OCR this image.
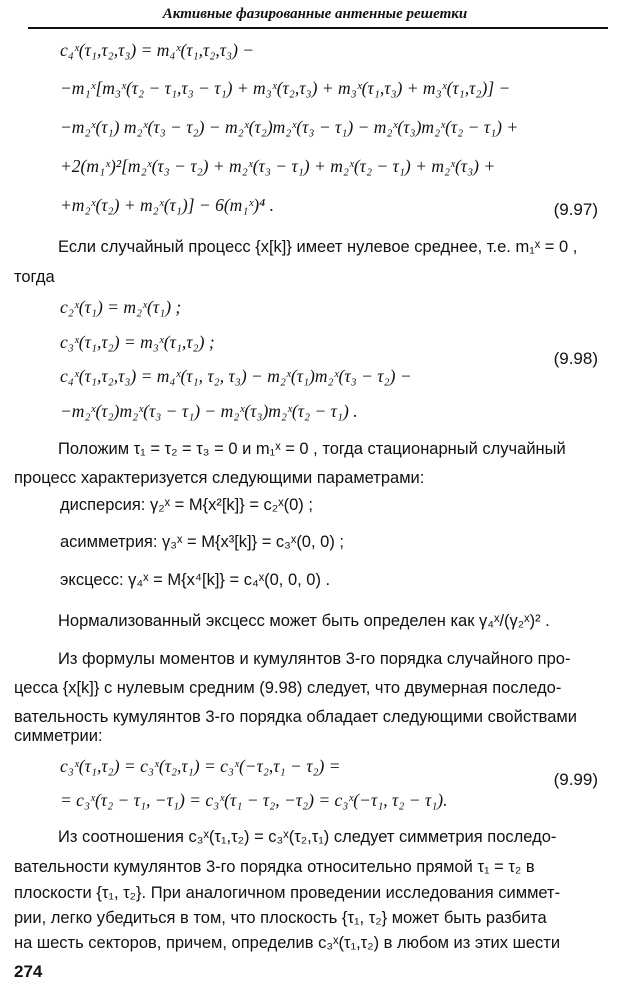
Активные фазированные антенные решетки
c₄ˣ(τ₁,τ₂,τ₃) = m₄ˣ(τ₁,τ₂,τ₃) −
−m₁ˣ[m₃ˣ(τ₂ − τ₁,τ₃ − τ₁) + m₃ˣ(τ₂,τ₃) + m₃ˣ(τ₁,τ₃) + m₃ˣ(τ₁,τ₂)] −
−m₂ˣ(τ₁) m₂ˣ(τ₃ − τ₂) − m₂ˣ(τ₂)m₂ˣ(τ₃ − τ₁) − m₂ˣ(τ₃)m₂ˣ(τ₂ − τ₁) +
+2(m₁ˣ)²[m₂ˣ(τ₃ − τ₂) + m₂ˣ(τ₃ − τ₁) + m₂ˣ(τ₂ − τ₁) + m₂ˣ(τ₃) +
+m₂ˣ(τ₂) + m₂ˣ(τ₁)] − 6(m₁ˣ)⁴ .	(9.97)
Если случайный процесс {x[k]} имеет нулевое среднее, т.е. m₁ˣ = 0 ,
тогда
c₂ˣ(τ₁) = m₂ˣ(τ₁) ;
c₃ˣ(τ₁,τ₂) = m₃ˣ(τ₁,τ₂) ;
c₄ˣ(τ₁,τ₂,τ₃) = m₄ˣ(τ₁, τ₂, τ₃) − m₂ˣ(τ₁)m₂ˣ(τ₃ − τ₂) −
−m₂ˣ(τ₂)m₂ˣ(τ₃ − τ₁) − m₂ˣ(τ₃)m₂ˣ(τ₂ − τ₁) .
(9.98)
Положим τ₁ = τ₂ = τ₃ = 0 и m₁ˣ = 0 , тогда стационарный случайный
процесс характеризуется следующими параметрами:
дисперсия: γ₂ˣ = M{x²[k]} = c₂ˣ(0) ;
асимметрия: γ₃ˣ = M{x³[k]} = c₃ˣ(0, 0) ;
эксцесс: γ₄ˣ = M{x⁴[k]} = c₄ˣ(0, 0, 0) .
Нормализованный эксцесс может быть определен как γ₄ˣ/(γ₂ˣ)² .
Из формулы моментов и кумулянтов 3-го порядка случайного про-
цесса {x[k]} с нулевым средним (9.98) следует, что двумерная последо-
вательность кумулянтов 3-го порядка обладает следующими свойствами
симметрии:
c₃ˣ(τ₁,τ₂) = c₃ˣ(τ₂,τ₁) = c₃ˣ(−τ₂,τ₁ − τ₂) =
= c₃ˣ(τ₂ − τ₁, −τ₁) = c₃ˣ(τ₁ − τ₂, −τ₂) = c₃ˣ(−τ₁, τ₂ − τ₁).
(9.99)
Из соотношения c₃ˣ(τ₁,τ₂) = c₃ˣ(τ₂,τ₁) следует симметрия последо-
вательности кумулянтов 3-го порядка относительно прямой τ₁ = τ₂ в
плоскости {τ₁, τ₂}. При аналогичном проведении исследования симмет-
рии, легко убедиться в том, что плоскость {τ₁, τ₂} может быть разбита
на шесть секторов, причем, определив c₃ˣ(τ₁,τ₂) в любом из этих шести
274
